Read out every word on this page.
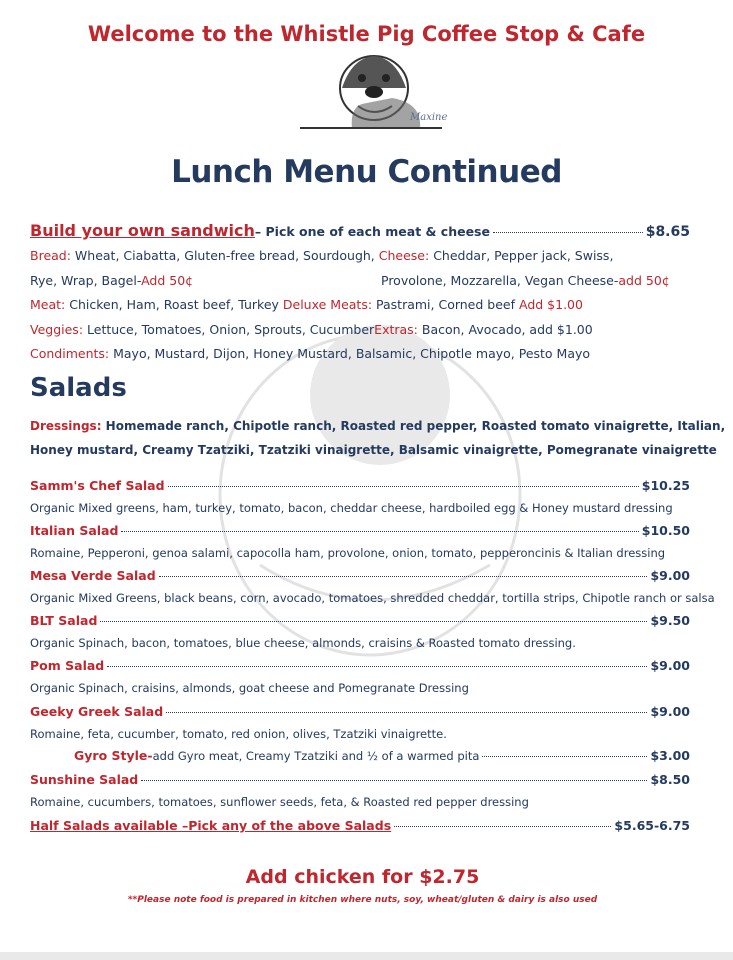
Welcome to the Whistle Pig Coffee Stop & Cafe
Maxine
Lunch Menu Continued
Build your own sandwich – Pick one of each meat & cheese	$8.65
Bread: Wheat, Ciabatta, Gluten-free bread, Sourdough, Cheese: Cheddar, Pepper jack, Swiss,
Rye, Wrap, Bagel-Add 50¢	Provolone, Mozzarella, Vegan Cheese-add 50¢
Meat: Chicken, Ham, Roast beef, Turkey Deluxe Meats: Pastrami, Corned beef Add $1.00
Veggies: Lettuce, Tomatoes, Onion, Sprouts, CucumberExtras: Bacon, Avocado, add $1.00
Condiments: Mayo, Mustard, Dijon, Honey Mustard, Balsamic, Chipotle mayo, Pesto Mayo
Salads
Dressings: Homemade ranch, Chipotle ranch, Roasted red pepper, Roasted tomato vinaigrette, Italian,
Honey mustard, Creamy Tzatziki, Tzatziki vinaigrette, Balsamic vinaigrette, Pomegranate vinaigrette
Samm's Chef Salad	$10.25
Organic Mixed greens, ham, turkey, tomato, bacon, cheddar cheese, hardboiled egg & Honey mustard dressing
Italian Salad	$10.50
Romaine, Pepperoni, genoa salami, capocolla ham, provolone, onion, tomato, pepperoncinis & Italian dressing
Mesa Verde Salad	$9.00
Organic Mixed Greens, black beans, corn, avocado, tomatoes, shredded cheddar, tortilla strips, Chipotle ranch or salsa
BLT Salad	$9.50
Organic Spinach, bacon, tomatoes, blue cheese, almonds, craisins & Roasted tomato dressing.
Pom Salad	$9.00
Organic Spinach, craisins, almonds, goat cheese and Pomegranate Dressing
Geeky Greek Salad	$9.00
Romaine, feta, cucumber, tomato, red onion, olives, Tzatziki vinaigrette.
Gyro Style- add Gyro meat, Creamy Tzatziki and ½ of a warmed pita	$3.00
Sunshine Salad	$8.50
Romaine, cucumbers, tomatoes, sunflower seeds, feta, & Roasted red pepper dressing
Half Salads available –Pick any of the above Salads	$5.65-6.75
Add chicken for $2.75
**Please note food is prepared in kitchen where nuts, soy, wheat/gluten & dairy is also used
